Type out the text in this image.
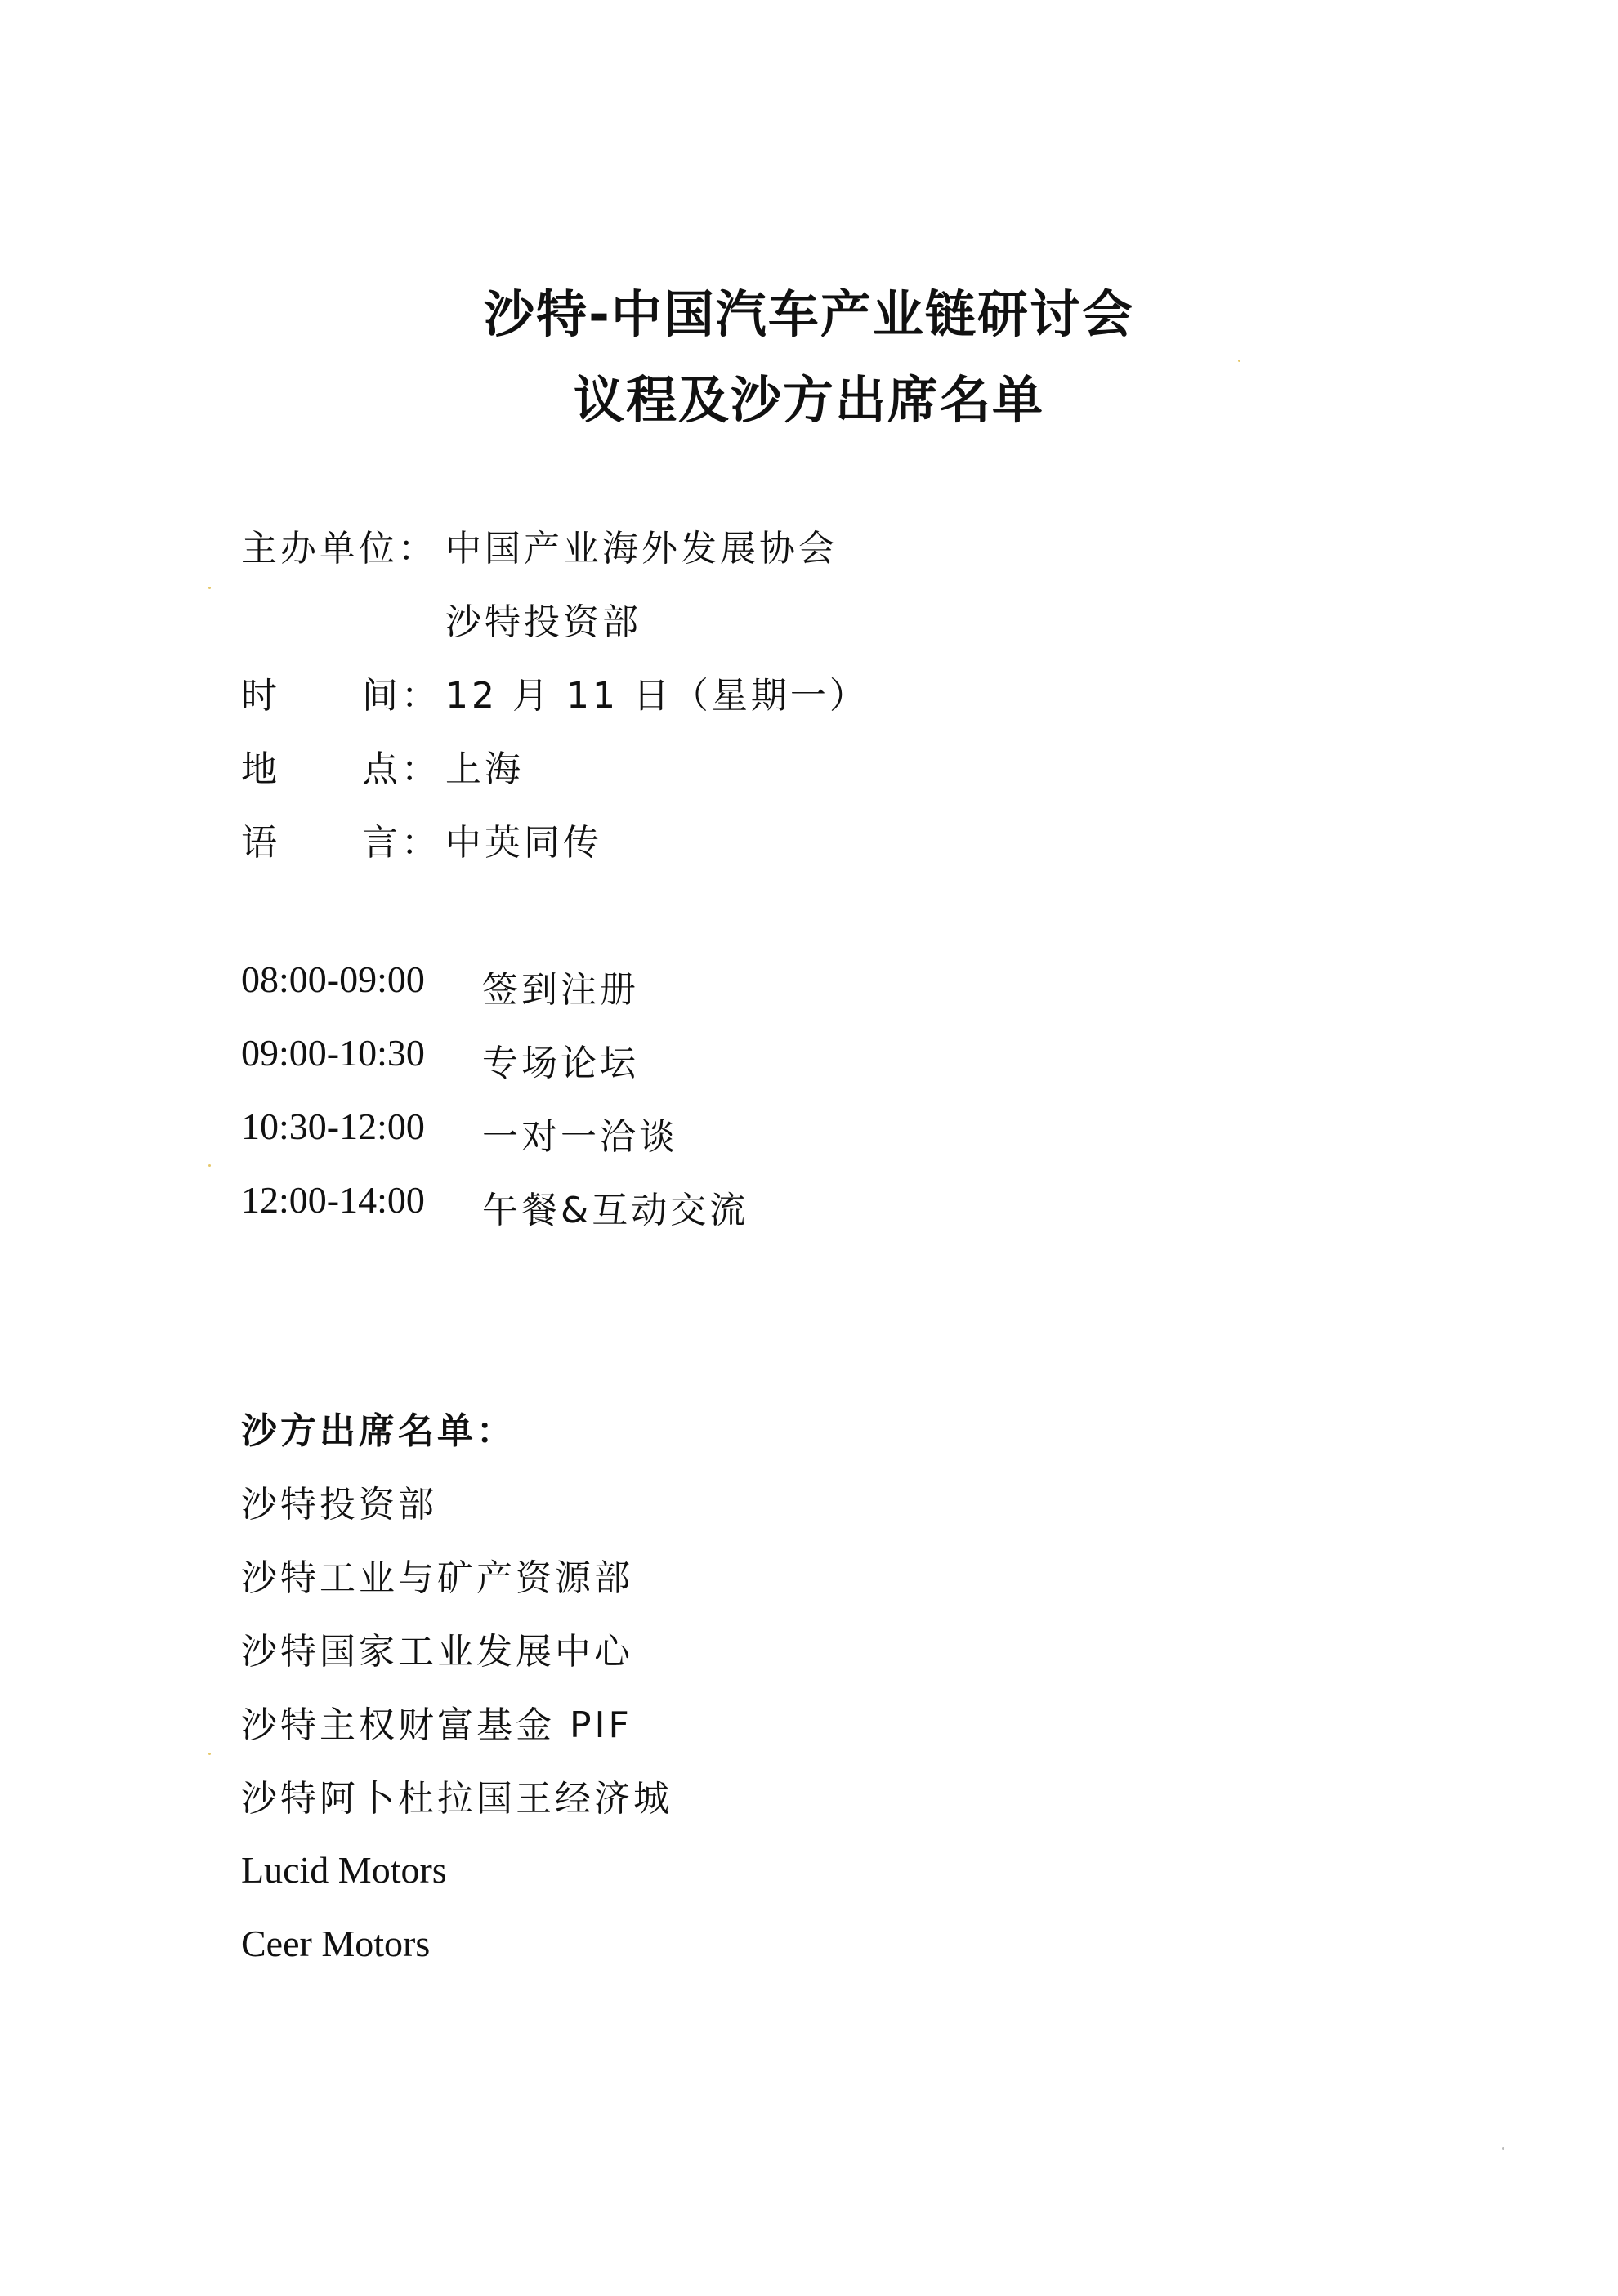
沙特-中国汽车产业链研讨会
议程及沙方出席名单
主办单位： 中国产业海外发展协会
沙特投资部
时 间： 12 月 11 日（星期一）
地 点： 上海
语 言： 中英同传
08:00-09:00 签到注册
09:00-10:30 专场论坛
10:30-12:00 一对一洽谈
12:00-14:00 午餐&互动交流
沙方出席名单：
沙特投资部
沙特工业与矿产资源部
沙特国家工业发展中心
沙特主权财富基金 PIF
沙特阿卜杜拉国王经济城
Lucid Motors
Ceer Motors
